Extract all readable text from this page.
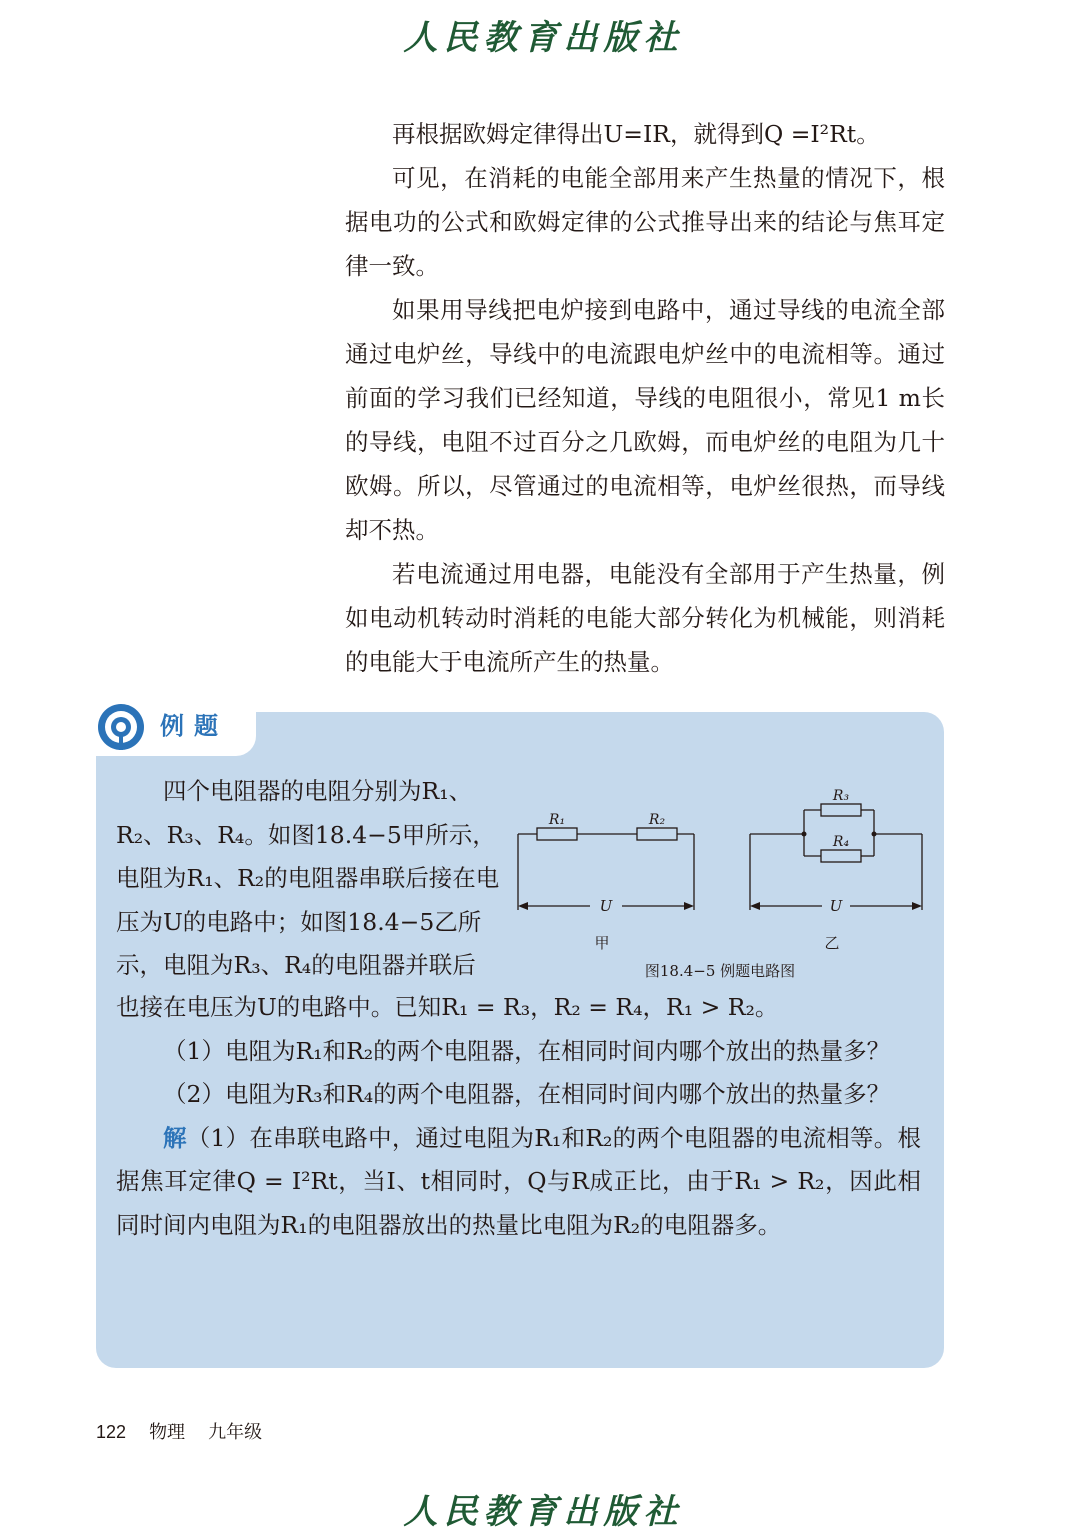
人民教育出版社

再根据欧姆定律得出U=IR，就得到Q =I²Rt。

可见，在消耗的电能全部用来产生热量的情况下，根据电功的公式和欧姆定律的公式推导出来的结论与焦耳定律一致。

如果用导线把电炉接到电路中，通过导线的电流全部通过电炉丝，导线中的电流跟电炉丝中的电流相等。通过前面的学习我们已经知道，导线的电阻很小，常见1 m长的导线，电阻不过百分之几欧姆，而电炉丝的电阻为几十欧姆。所以，尽管通过的电流相等，电炉丝很热，而导线却不热。

若电流通过用电器，电能没有全部用于产生热量，例如电动机转动时消耗的电能大部分转化为机械能，则消耗的电能大于电流所产生的热量。

例题

四个电阻器的电阻分别为R₁、R₂、R₃、R₄。如图18.4−5甲所示，电阻为R₁、R₂的电阻器串联后接在电压为U的电路中；如图18.4−5乙所示，电阻为R₃、R₄的电阻器并联后

R₁	R₂
U
甲
R₃
R₄
U
乙
图18.4−5 例题电路图

也接在电压为U的电路中。已知R₁ = R₃，R₂ = R₄，R₁ > R₂。

（1）电阻为R₁和R₂的两个电阻器，在相同时间内哪个放出的热量多？

（2）电阻为R₃和R₄的两个电阻器，在相同时间内哪个放出的热量多？

解（1）在串联电路中，通过电阻为R₁和R₂的两个电阻器的电流相等。根据焦耳定律Q = I²Rt，当I、t相同时，Q与R成正比，由于R₁ > R₂，因此相同时间内电阻为R₁的电阻器放出的热量比电阻为R₂的电阻器多。

122 物理 九年级
人民教育出版社
